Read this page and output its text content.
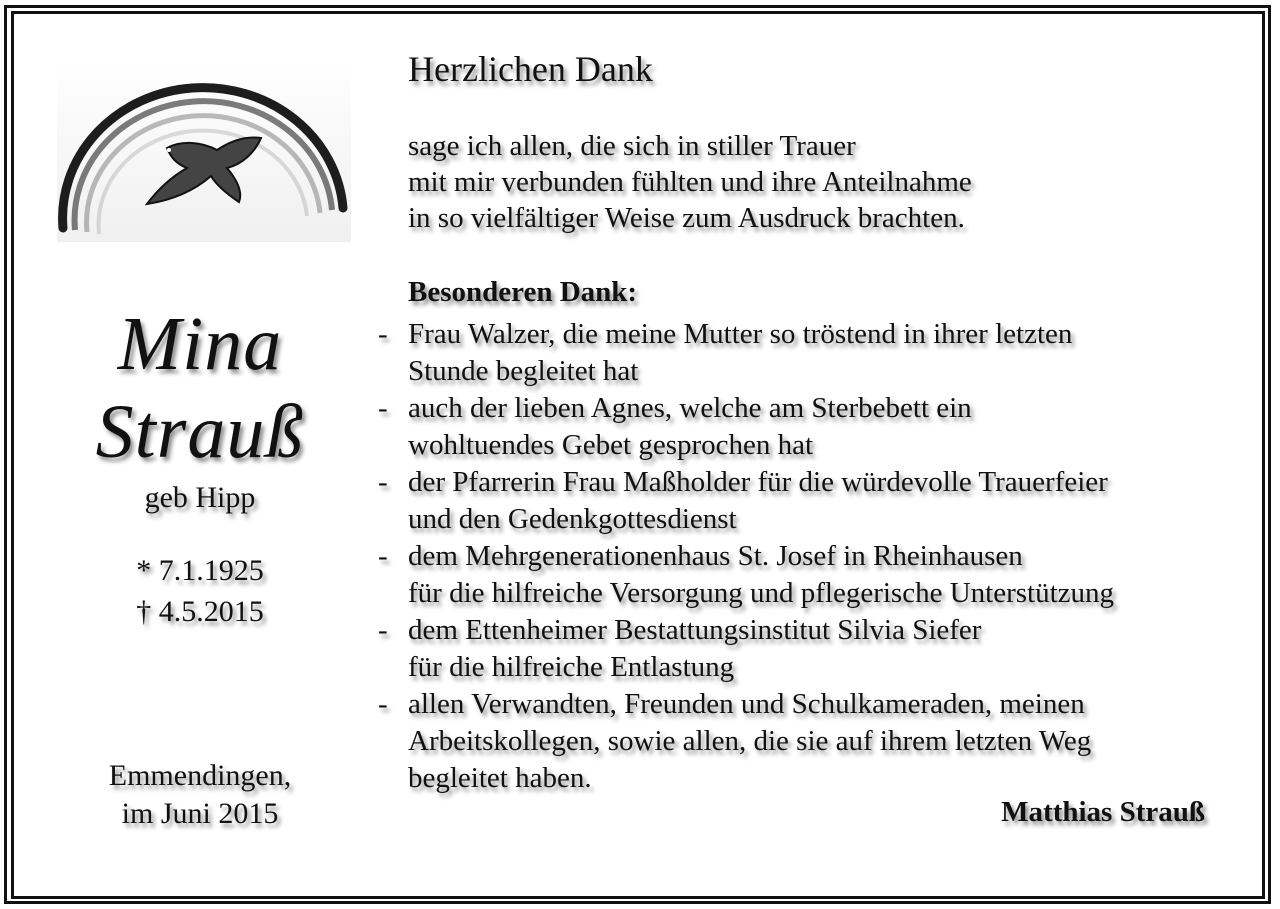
Mina
Strauß
geb Hipp
* 7.1.1925
† 4.5.2015
Emmendingen,
im Juni 2015
Herzlichen Dank
sage ich allen, die sich in stiller Trauer
mit mir verbunden fühlten und ihre Anteilnahme
in so vielfältiger Weise zum Ausdruck brachten.
Besonderen Dank:
- Frau Walzer, die meine Mutter so tröstend in ihrer letzten
Stunde begleitet hat
- auch der lieben Agnes, welche am Sterbebett ein
wohltuendes Gebet gesprochen hat
- der Pfarrerin Frau Maßholder für die würdevolle Trauerfeier
und den Gedenkgottesdienst
- dem Mehrgenerationenhaus St. Josef in Rheinhausen
für die hilfreiche Versorgung und pflegerische Unterstützung
- dem Ettenheimer Bestattungsinstitut Silvia Siefer
für die hilfreiche Entlastung
- allen Verwandten, Freunden und Schulkameraden, meinen
Arbeitskollegen, sowie allen, die sie auf ihrem letzten Weg
begleitet haben.
Matthias Strauß
